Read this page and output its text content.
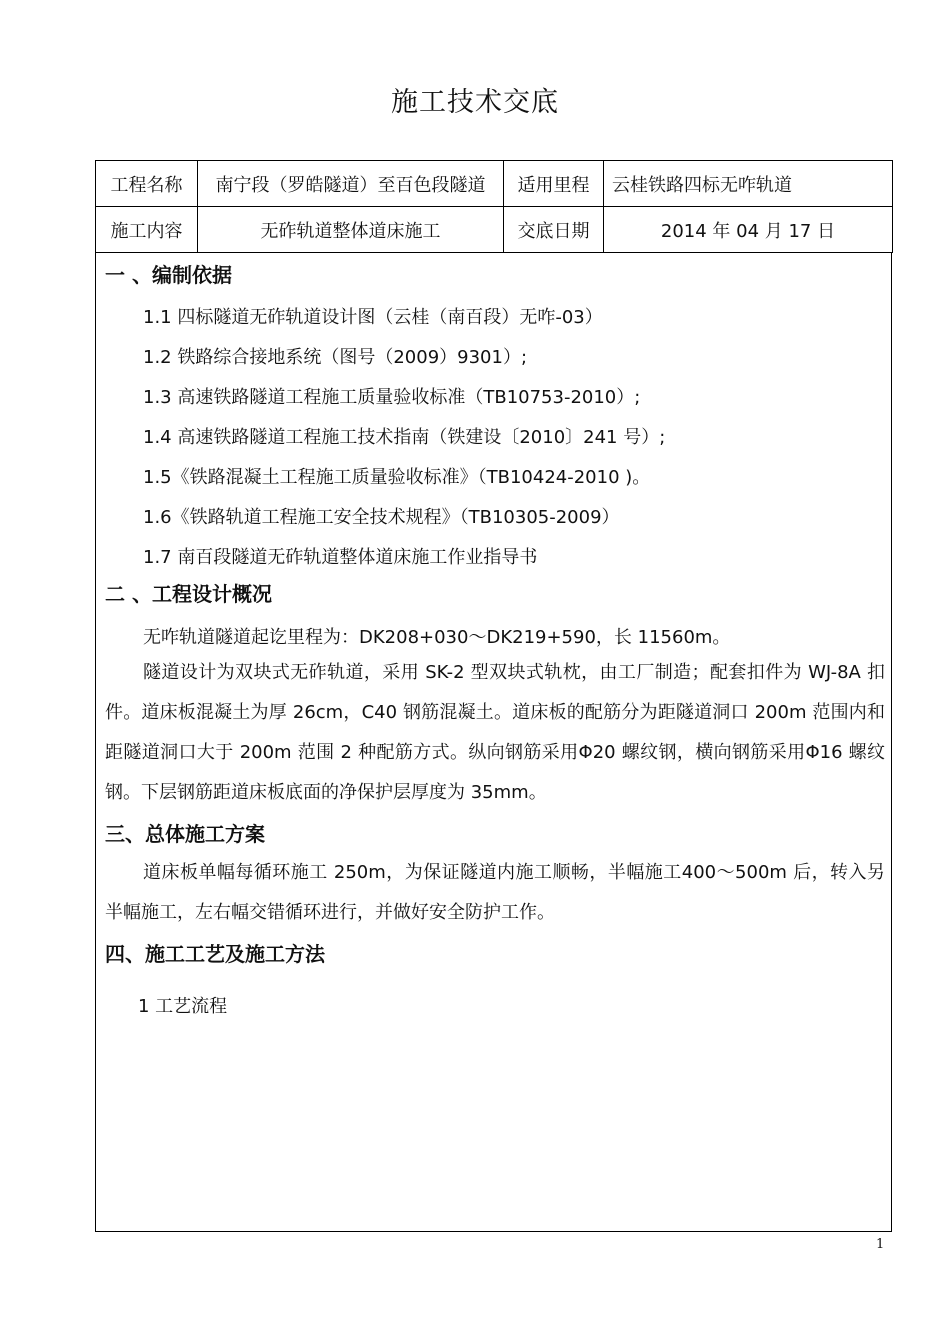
施工技术交底
工程名称	南宁段（罗皓隧道）至百色段隧道	适用里程	云桂铁路四标无咋轨道
施工内容	无砟轨道整体道床施工	交底日期	2014 年 04 月 17 日
一 、编制依据
1.1 四标隧道无砟轨道设计图（云桂（南百段）无咋-03）
1.2 铁路综合接地系统（图号（2009）9301）;
1.3 高速铁路隧道工程施工质量验收标准（TB10753-2010）;
1.4 高速铁路隧道工程施工技术指南（铁建设〔2010〕241 号）;
1.5《铁路混凝土工程施工质量验收标准》（TB10424-2010 )。
1.6《铁路轨道工程施工安全技术规程》（TB10305-2009）
1.7 南百段隧道无砟轨道整体道床施工作业指导书
二 、工程设计概况
无咋轨道隧道起讫里程为：DK208+030～DK219+590，长 11560m。
隧道设计为双块式无砟轨道，采用 SK-2 型双块式轨枕，由工厂制造；配套扣件为 WJ-8A 扣件。道床板混凝土为厚 26cm，C40 钢筋混凝土。道床板的配筋分为距隧道洞口 200m 范围内和距隧道洞口大于 200m 范围 2 种配筋方式。纵向钢筋采用Φ20 螺纹钢，横向钢筋采用Φ16 螺纹钢。下层钢筋距道床板底面的净保护层厚度为 35mm。
三、总体施工方案
道床板单幅每循环施工 250m，为保证隧道内施工顺畅，半幅施工400～500m 后，转入另半幅施工，左右幅交错循环进行，并做好安全防护工作。
四、施工工艺及施工方法
1 工艺流程
1
